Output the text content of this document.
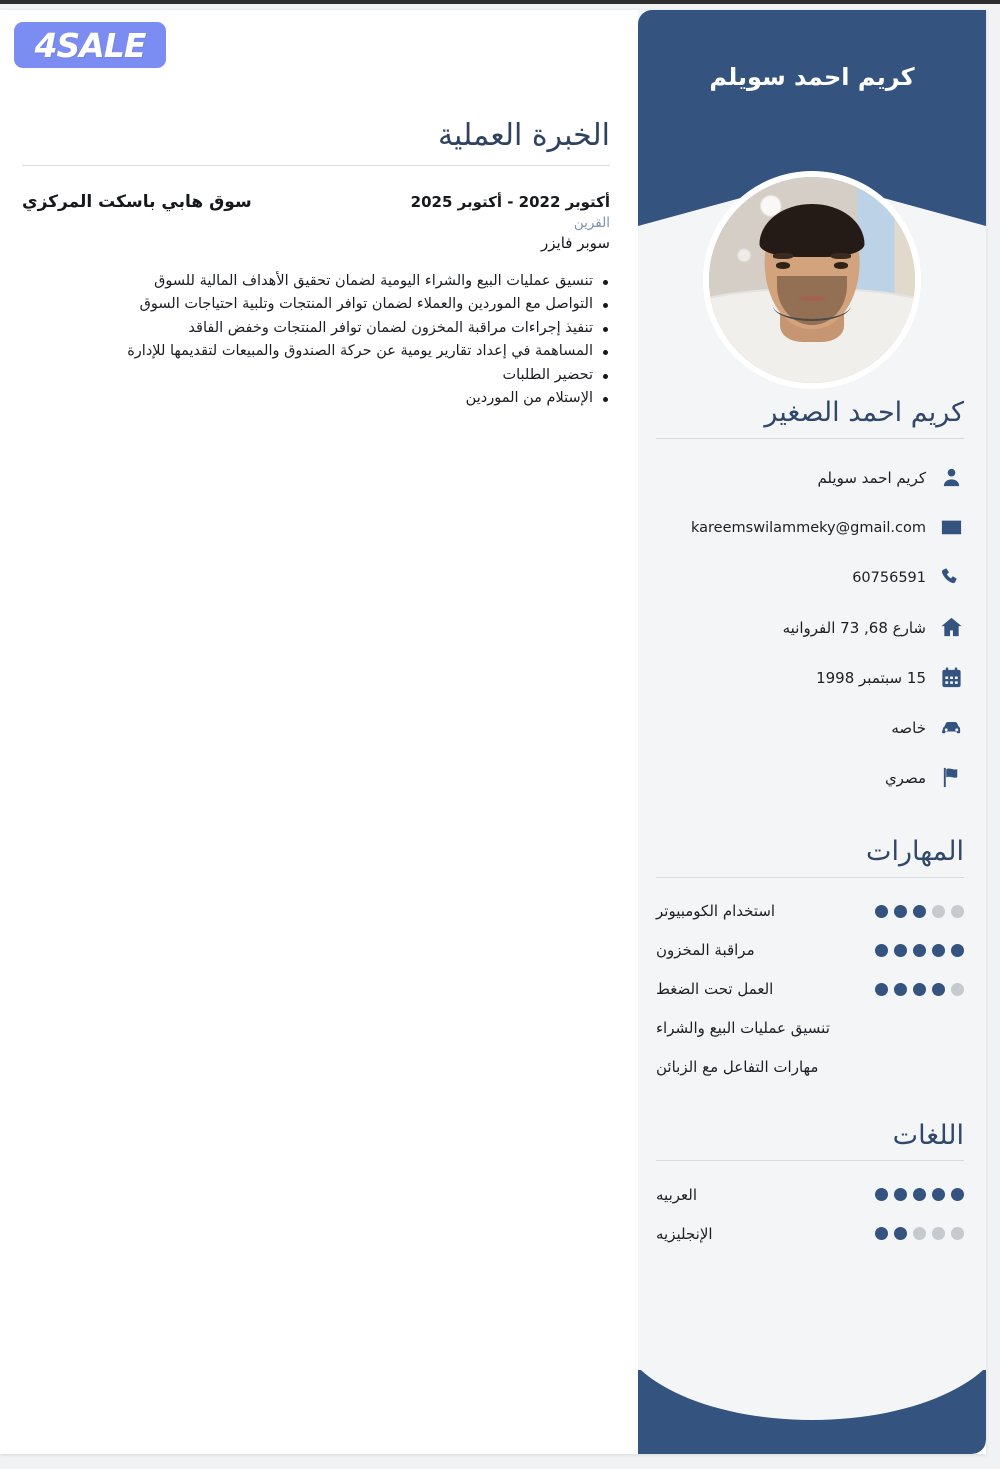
الخبرة العملية
سوق هابي باسكت المركزي	أكتوبر 2022 - أكتوبر 2025
القرين
سوبر فايزر
تنسيق عمليات البيع والشراء اليومية لضمان تحقيق الأهداف المالية للسوق
التواصل مع الموردين والعملاء لضمان توافر المنتجات وتلبية احتياجات السوق
تنفيذ إجراءات مراقبة المخزون لضمان توافر المنتجات وخفض الفاقد
المساهمة في إعداد تقارير يومية عن حركة الصندوق والمبيعات لتقديمها للإدارة
تحضير الطلبات
الإستلام من الموردين
كريم احمد سويلم
كريم احمد الصغير
كريم احمد سويلم
kareemswilammeky@gmail.com
60756591
شارع 68, 73 الفروانيه
15 سبتمبر 1998
خاصه
مصري
المهارات
استخدام الكومبيوتر
مراقبة المخزون
العمل تحت الضغط
تنسيق عمليات البيع والشراء
مهارات التفاعل مع الزبائن
اللغات
العربيه
الإنجليزيه
4SALE
